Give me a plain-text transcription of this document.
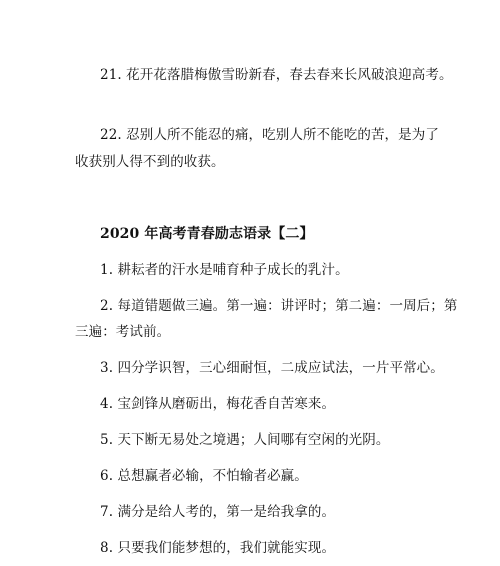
21. 花开花落腊梅傲雪盼新春，春去春来长风破浪迎高考。
22. 忍别人所不能忍的痛，吃别人所不能吃的苦，是为了
收获别人得不到的收获。
2020 年高考青春励志语录【二】
1. 耕耘者的汗水是哺育种子成长的乳汁。
2. 每道错题做三遍。第一遍：讲评时；第二遍：一周后；第
三遍：考试前。
3. 四分学识智，三心细耐恒，二成应试法，一片平常心。
4. 宝剑锋从磨砺出，梅花香自苦寒来。
5. 天下断无易处之境遇；人间哪有空闲的光阴。
6. 总想赢者必输，不怕输者必赢。
7. 满分是给人考的，第一是给我拿的。
8. 只要我们能梦想的，我们就能实现。
